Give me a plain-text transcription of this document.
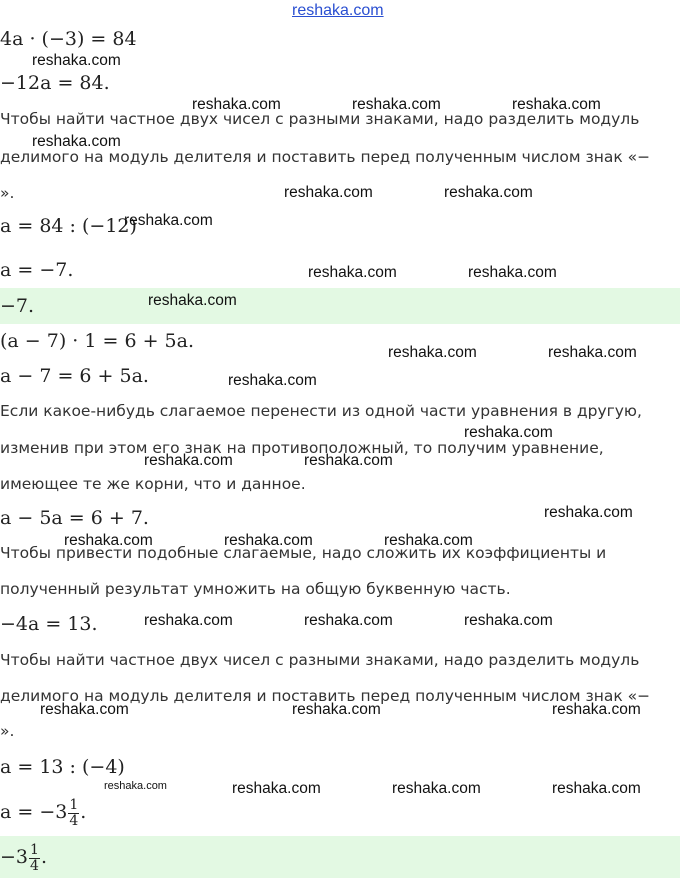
reshaka.com
4a · (−3) = 84
−12a = 84.
Чтобы найти частное двух чисел с разными знаками, надо разделить модуль
делимого на модуль делителя и поставить перед полученным числом знак «−
».
a = 84 : (−12)
a = −7.
−7.
(a − 7) · 1 = 6 + 5a.
a − 7 = 6 + 5a.
Если какое-нибудь слагаемое перенести из одной части уравнения в другую,
изменив при этом его знак на противоположный, то получим уравнение,
имеющее те же корни, что и данное.
a − 5a = 6 + 7.
Чтобы привести подобные слагаемые, надо сложить их коэффициенты и
полученный результат умножить на общую буквенную часть.
−4a = 13.
Чтобы найти частное двух чисел с разными знаками, надо разделить модуль
делимого на модуль делителя и поставить перед полученным числом знак «−
».
a = 13 : (−4)
$a = -3 \frac{1}{4}$ .
$-3 \frac{1}{4}$ .
reshaka.com
reshaka.com	reshaka.com	reshaka.com
reshaka.com
reshaka.com	reshaka.com
reshaka.com
reshaka.com	reshaka.com
reshaka.com
reshaka.com	reshaka.com
reshaka.com
reshaka.com
reshaka.com	reshaka.com
reshaka.com
reshaka.com	reshaka.com	reshaka.com
reshaka.com	reshaka.com	reshaka.com
reshaka.com	reshaka.com	reshaka.com
reshaka.com	reshaka.com	reshaka.com	reshaka.com
